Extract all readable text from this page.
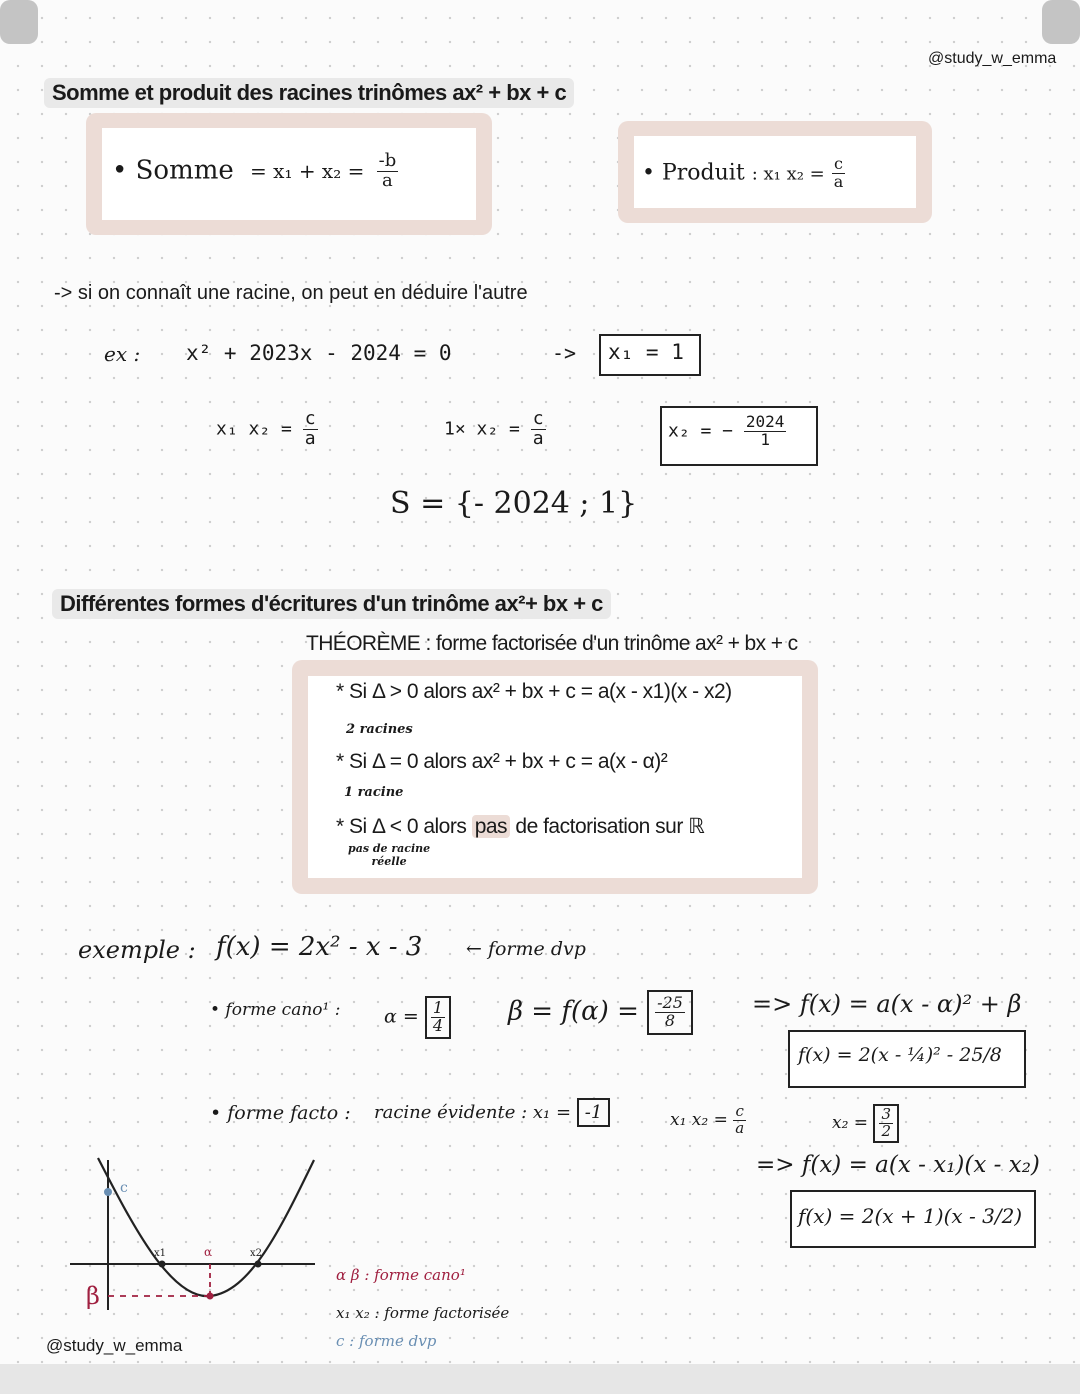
@study_w_emma
Somme et produit des racines trinômes ax² + bx + c
• Somme = $x_1 + x_2 = \frac{-b}{a}$	• Produit : x₁ $x_2 = \frac{c}{a}$
-> si on connaît une racine, on peut en déduire l'autre
ex : x² + 2023x - 2024 = 0	-> x₁ = 1
x₁ $x_2 = \frac{c}{a}$	$1\times x_2 = \frac{c}{a}$	x₂ = − $\frac{2024}{1}$
S = {- 2024 ; 1}
Différentes formes d'écritures d'un trinôme ax²+ bx + c
THÉORÈME : forme factorisée d'un trinôme ax² + bx + c
* Si Δ > 0 alors ax² + bx + c = a(x - x1)(x - x2)
2 racines
* Si Δ = 0 alors ax² + bx + c = a(x - α)²
1 racine
* Si Δ < 0 alors pas de factorisation sur ℝ
pas de racine
réelle
exemple : f(x) = 2x² - x - 3 ← forme dvp
• forme cano¹ : $\alpha = \frac{1}{4}$ $\beta = f(\alpha) = \frac{-25}{8} => f(x) = a(x - \alpha)^2 + \beta$
f(x) = 2(x - ¼)² - 25/8
• forme facto : racine évidente : x₁ = -1	x₁ $x_2 = \frac{c}{a}$	$x_2 = \frac{3}{2}$
=> f(x) = a(x - x₁)(x - x₂)
f(x) = 2(x + 1)(x - 3/2)
c
x1	α	x2
β
α β : forme cano¹
x₁ x₂ : forme factorisée
c : forme dvp
@study_w_emma
